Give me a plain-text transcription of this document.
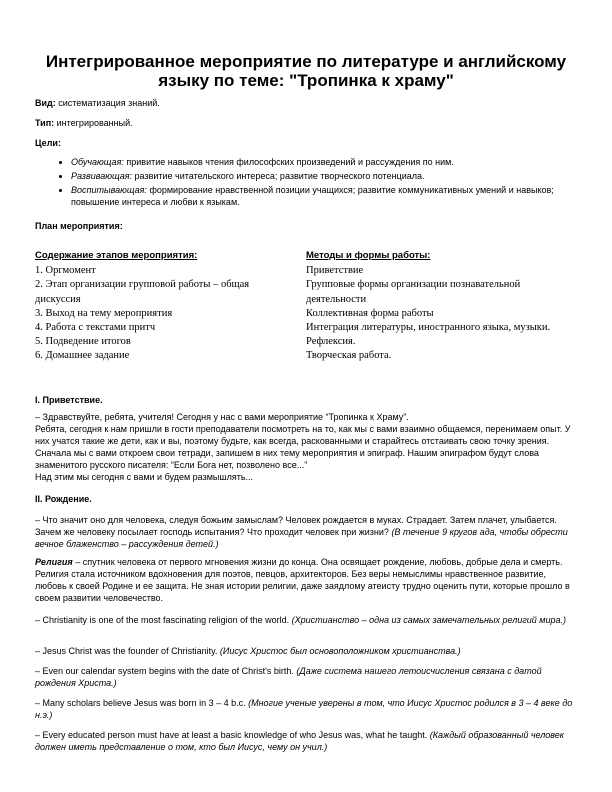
Интегрированное мероприятие по литературе и английскому языку по теме: "Тропинка к храму"
Вид: систематизация знаний.
Тип: интегрированный.
Цели:
• Обучающая: привитие навыков чтения философских произведений и рассуждения по ним.
• Развивающая: развитие читательского интереса; развитие творческого потенциала.
• Воспитывающая: формирование нравственной позиции учащихся; развитие коммуникативных умений и навыков; повышение интереса и любви к языкам.
План мероприятия:
Содержание этапов мероприятия:
1. Оргмомент
2. Этап организации групповой работы – общая дискуссия
3. Выход на тему мероприятия
4. Работа с текстами притч
5. Подведение итогов
6. Домашнее задание
Методы и формы работы:
Приветствие
Групповые формы организации познавательной деятельности
Коллективная форма работы
Интеграция литературы, иностранного языка, музыки.
Рефлексия.
Творческая работа.
I. Приветствие.
– Здравствуйте, ребята, учителя! Сегодня у нас с вами мероприятие “Тропинка к Храму”.
Ребята, сегодня к нам пришли в гости преподаватели посмотреть на то, как мы с вами взаимно общаемся, перенимаем опыт. У них учатся такие же дети, как и вы, поэтому будьте, как всегда, раскованными и старайтесь отстаивать свою точку зрения. Сначала мы с вами откроем свои тетради, запишем в них тему мероприятия и эпиграф. Нашим эпиграфом будут слова знаменитого русского писателя: “Если Бога нет, позволено все...”
Над этим мы сегодня с вами и будем размышлять...
II. Рождение.
– Что значит оно для человека, следуя божьим замыслам? Человек рождается в муках. Страдает. Затем плачет, улыбается. Зачем же человеку посылает господь испытания? Что проходит человек при жизни? (В течение 9 кругов ада, чтобы обрести вечное блаженство – рассуждения детей.)
Религия – спутник человека от первого мгновения жизни до конца. Она освящает рождение, любовь, добрые дела и смерть. Религия стала источником вдохновения для поэтов, певцов, архитекторов. Без веры немыслимы нравственное развитие, любовь к своей Родине и ее защита. Не зная истории религии, даже заядлому атеисту трудно оценить пути, которые прошло в своем развитии человечество.
– Christianity is one of the most fascinating religion of the world. (Христианство – одна из самых замечательных религий мира.)
– Jesus Christ was the founder of Christianity. (Иисус Христос был основоположником христианства.)
– Even our calendar system begins with the date of Christ's birth. (Даже система нашего летоисчисления связана с датой рождения Христа.)
– Many scholars believe Jesus was born in 3 – 4 b.c. (Многие ученые уверены в том, что Иисус Христос родился в 3 – 4 веке до н.э.)
– Every educated person must have at least a basic knowledge of who Jesus was, what he taught. (Каждый образованный человек должен иметь представление о том, кто был Иисус, чему он учил.)
